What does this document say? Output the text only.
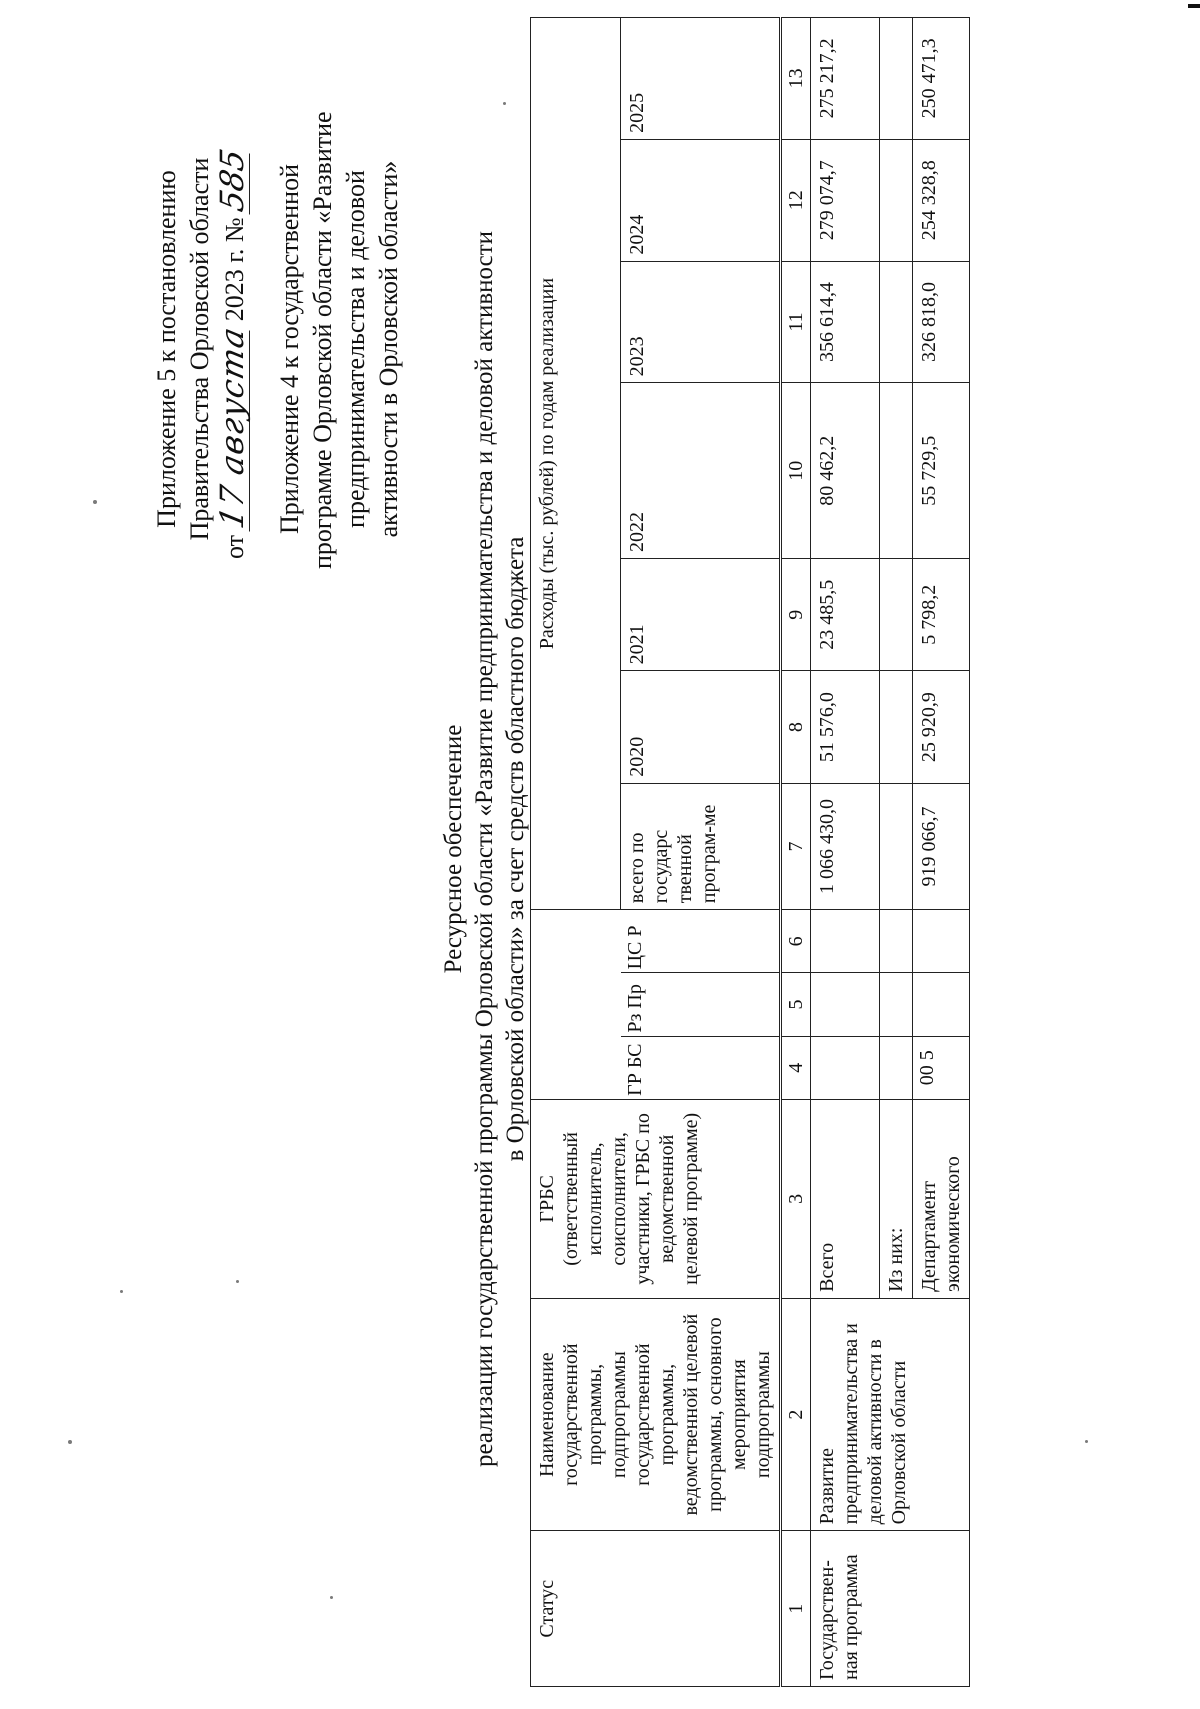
Приложение 5 к постановлению Правительства Орловской области
от 17 августа 2023 г. № 585 Приложение 4 к государственной программе Орловской области «Развитие предпринимательства и деловой активности в Орловской области»
Ресурсное обеспечение реализации государственной программы Орловской области «Развитие предпринимательства и деловой активности в Орловской области» за счет средств областного бюджета
Статус	Наименование государственной программы, подпрограммы государственной программы, ведомственной целевой программы, основного мероприятия подпрограммы	ГРБС (ответственный исполнитель, соисполнители, участники, ГРБС по ведомственной целевой программе)				Расходы (тыс. рублей) по годам реализации						
			ГР БС	Рз Пр	ЦС Р	всего по государс твенной програм-ме	2020	2021	2022	2023	2024	2025
1	2	3	4	5	6	7	8	9	10	11	12	13
Государствен-ная программа	Развитие предпринимательства и деловой активности в Орловской области	Всего				1 066 430,0	51 576,0	23 485,5	80 462,2	356 614,4	279 074,7	275 217,2
		Из них:										
		Департамент экономического	00 5			919 066,7	25 920,9	5 798,2	55 729,5	326 818,0	254 328,8	250 471,3
